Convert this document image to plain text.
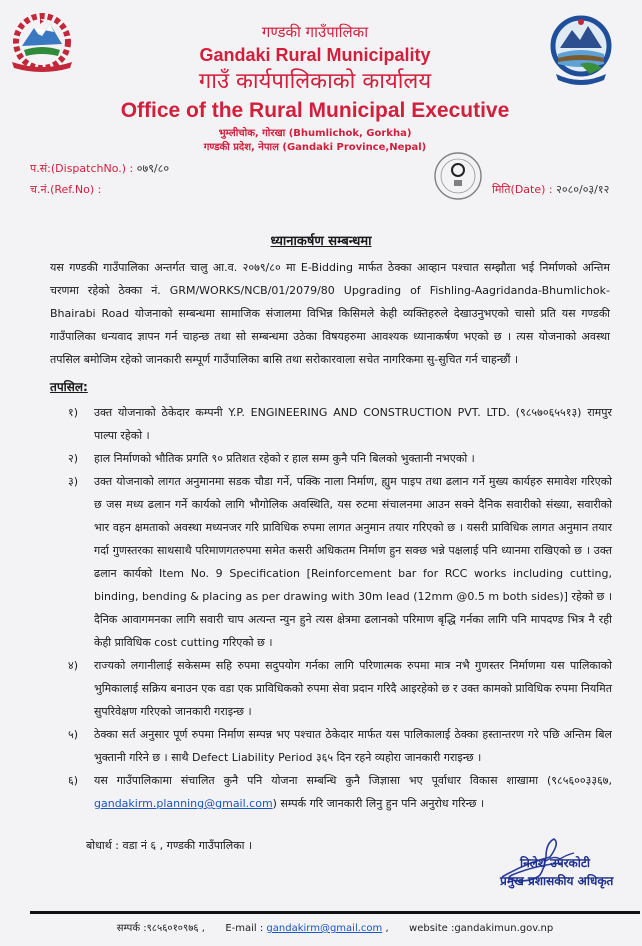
गण्डकी गाउँपालिका
Gandaki Rural Municipality
गाउँ कार्यपालिकाको कार्यालय
Office of the Rural Municipal Executive
भुम्लीचोक, गोरखा (Bhumlichok, Gorkha)
गण्डकी प्रदेश, नेपाल (Gandaki Province,Nepal)
प.सं:(DispatchNo.) : ०७९/८०
च.नं.(Ref.No) :	मिति(Date) : २०८०/०३/१२
ध्यानाकर्षण सम्बन्धमा
यस गण्डकी गाउँपालिका अन्तर्गत चालु आ.व. २०७९/८० मा E-Bidding मार्फत ठेक्का आव्हान पश्चात सम्झौता भई निर्माणको अन्तिम चरणमा रहेको ठेक्का नं. GRM/WORKS/NCB/01/2079/80 Upgrading of Fishling-Aagridanda-Bhumlichok-Bhairabi Road योजनाको सम्बन्धमा सामाजिक संजालमा विभिन्न किसिमले केही व्यक्तिहरुले देखाउनुभएको चासो प्रति यस गण्डकी गाउँपालिका धन्यवाद ज्ञापन गर्न चाहन्छ तथा सो सम्बन्धमा उठेका विषयहरुमा आवश्यक ध्यानाकर्षण भएको छ । त्यस योजनाको अवस्था तपसिल बमोजिम रहेको जानकारी सम्पूर्ण गाउँपालिका बासि तथा सरोकारवाला सचेत नागरिकमा सु-सुचित गर्न चाहन्छौं ।
तपसिल:
१) उक्त योजनाको ठेकेदार कम्पनी Y.P. ENGINEERING AND CONSTRUCTION PVT. LTD. (९८५७०६५५१३) रामपुर पाल्पा रहेको ।
२) हाल निर्माणको भौतिक प्रगति ९० प्रतिशत रहेको र हाल सम्म कुनै पनि बिलको भुक्तानी नभएको ।
३) उक्त योजनाको लागत अनुमानमा सडक चौडा गर्ने, पक्कि नाला निर्माण, ह्युम पाइप तथा ढलान गर्ने मुख्य कार्यहरु समावेश गरिएको छ जस मध्य ढलान गर्ने कार्यको लागि भौगोलिक अवस्थिति, यस रुटमा संचालनमा आउन सक्ने दैनिक सवारीको संख्या, सवारीको भार वहन क्षमताको अवस्था मध्यनजर गरि प्राविधिक रुपमा लागत अनुमान तयार गरिएको छ । यसरी प्राविधिक लागत अनुमान तयार गर्दा गुणस्तरका साथसाथै परिमाणगतरुपमा समेत कसरी अधिकतम निर्माण हुन सक्छ भन्ने पक्षलाई पनि ध्यानमा राखिएको छ । उक्त ढलान कार्यको Item No. 9 Specification [Reinforcement bar for RCC works including cutting, binding, bending & placing as per drawing with 30m lead (12mm @0.5 m both sides)] रहेको छ । दैनिक आवागमनका लागि सवारी चाप अत्यन्त न्युन हुने त्यस क्षेत्रमा ढलानको परिमाण बृद्धि गर्नका लागि पनि मापदण्ड भित्र नै रही केही प्राविधिक cost cutting गरिएको छ ।
४) राज्यको लगानीलाई सकेसम्म सहि रुपमा सदुपयोग गर्नका लागि परिणात्मक रुपमा मात्र नभै गुणस्तर निर्माणमा यस पालिकाको भुमिकालाई सक्रिय बनाउन एक वडा एक प्राविधिकको रुपमा सेवा प्रदान गरिदै आइरहेको छ र उक्त कामको प्राविधिक रुपमा नियमित सुपरिवेक्षण गरिएको जानकारी गराइन्छ ।
५) ठेक्का सर्त अनुसार पूर्ण रुपमा निर्माण सम्पन्न भए पश्चात ठेकेदार मार्फत यस पालिकालाई ठेक्का हस्तान्तरण गरे पछि अन्तिम बिल भुक्तानी गरिने छ । साथै Defect Liability Period ३६५ दिन रहने व्यहोरा जानकारी गराइन्छ ।
६) यस गाउँपालिकामा संचालित कुनै पनि योजना सम्बन्धि कुनै जिज्ञासा भए पूर्वाधार विकास शाखामा (९८५६००३३६७, gandakirm.planning@gmail.com) सम्पर्क गरि जानकारी लिनु हुन पनि अनुरोध गरिन्छ ।
बोधार्थ : वडा नं ६ , गण्डकी गाउँपालिका ।
निलेश उपरकोटी
प्रमुख प्रशासकीय अधिकृत
सम्पर्क :९८५६०१०९७६ , E-mail : gandakirm@gmail.com , website :gandakimun.gov.np
